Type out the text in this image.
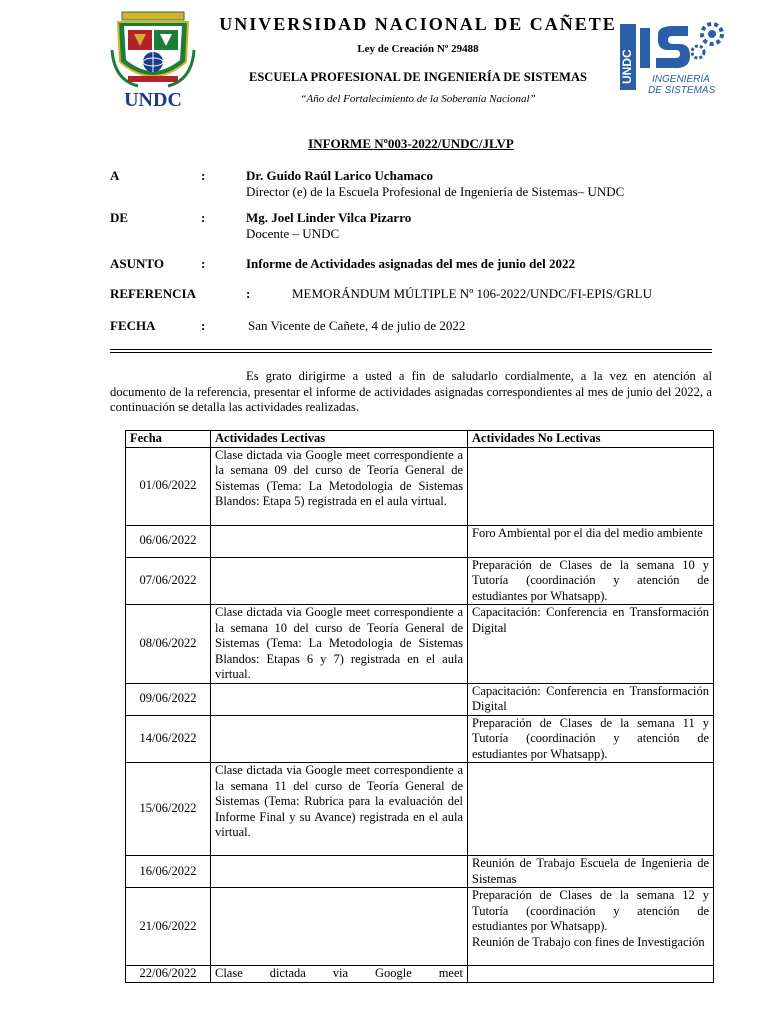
UNDC
UNDC INGENIERÍA
DE SISTEMAS
UNIVERSIDAD NACIONAL DE CAÑETE
Ley de Creación Nº 29488
ESCUELA PROFESIONAL DE INGENIERÍA DE SISTEMAS
“Año del Fortalecimiento de la Soberanía Nacional”
INFORME Nº003-2022/UNDC/JLVP
A	:	Dr. Guido Raúl Larico Uchamaco
Director (e) de la Escuela Profesional de Ingeniería de Sistemas– UNDC
DE	:	Mg. Joel Linder Vilca Pizarro
Docente – UNDC
ASUNTO	:	Informe de Actividades asignadas del mes de junio del 2022
REFERENCIA	:	MEMORÁNDUM MÚLTIPLE Nº 106-2022/UNDC/FI-EPIS/GRLU
FECHA	:	San Vicente de Cañete, 4 de julio de 2022
Es grato dirigirme a usted a fin de saludarlo cordialmente, a la vez en atención al documento de la referencia, presentar el informe de actividades asignadas correspondientes al mes de junio del 2022, a continuación se detalla las actividades realizadas.
Fecha	Actividades Lectivas	Actividades No Lectivas
01/06/2022	Clase dictada via Google meet correspondiente a la semana 09 del curso de Teoría General de Sistemas (Tema: La Metodologia de Sistemas Blandos: Etapa 5) registrada en el aula virtual.	
06/06/2022		Foro Ambiental por el dia del medio ambiente
07/06/2022		Preparación de Clases de la semana 10 y Tutoría (coordinación y atención de estudiantes por Whatsapp).
08/06/2022	Clase dictada via Google meet correspondiente a la semana 10 del curso de Teoría General de Sistemas (Tema: La Metodologia de Sistemas Blandos: Etapas 6 y 7) registrada en el aula virtual.	Capacitación: Conferencia en Transformación Digital
09/06/2022		Capacitación: Conferencia en Transformación Digital
14/06/2022		Preparación de Clases de la semana 11 y Tutoría (coordinación y atención de estudiantes por Whatsapp).
15/06/2022	Clase dictada via Google meet correspondiente a la semana 11 del curso de Teoría General de Sistemas (Tema: Rubrica para la evaluación del Informe Final y su Avance) registrada en el aula virtual.	
16/06/2022		Reunión de Trabajo Escuela de Ingenieria de Sistemas
21/06/2022		Preparación de Clases de la semana 12 y Tutoría (coordinación y atención de estudiantes por Whatsapp).
Reunión de Trabajo con fines de Investigación

22/06/2022	Clase dictada via Google meet	
